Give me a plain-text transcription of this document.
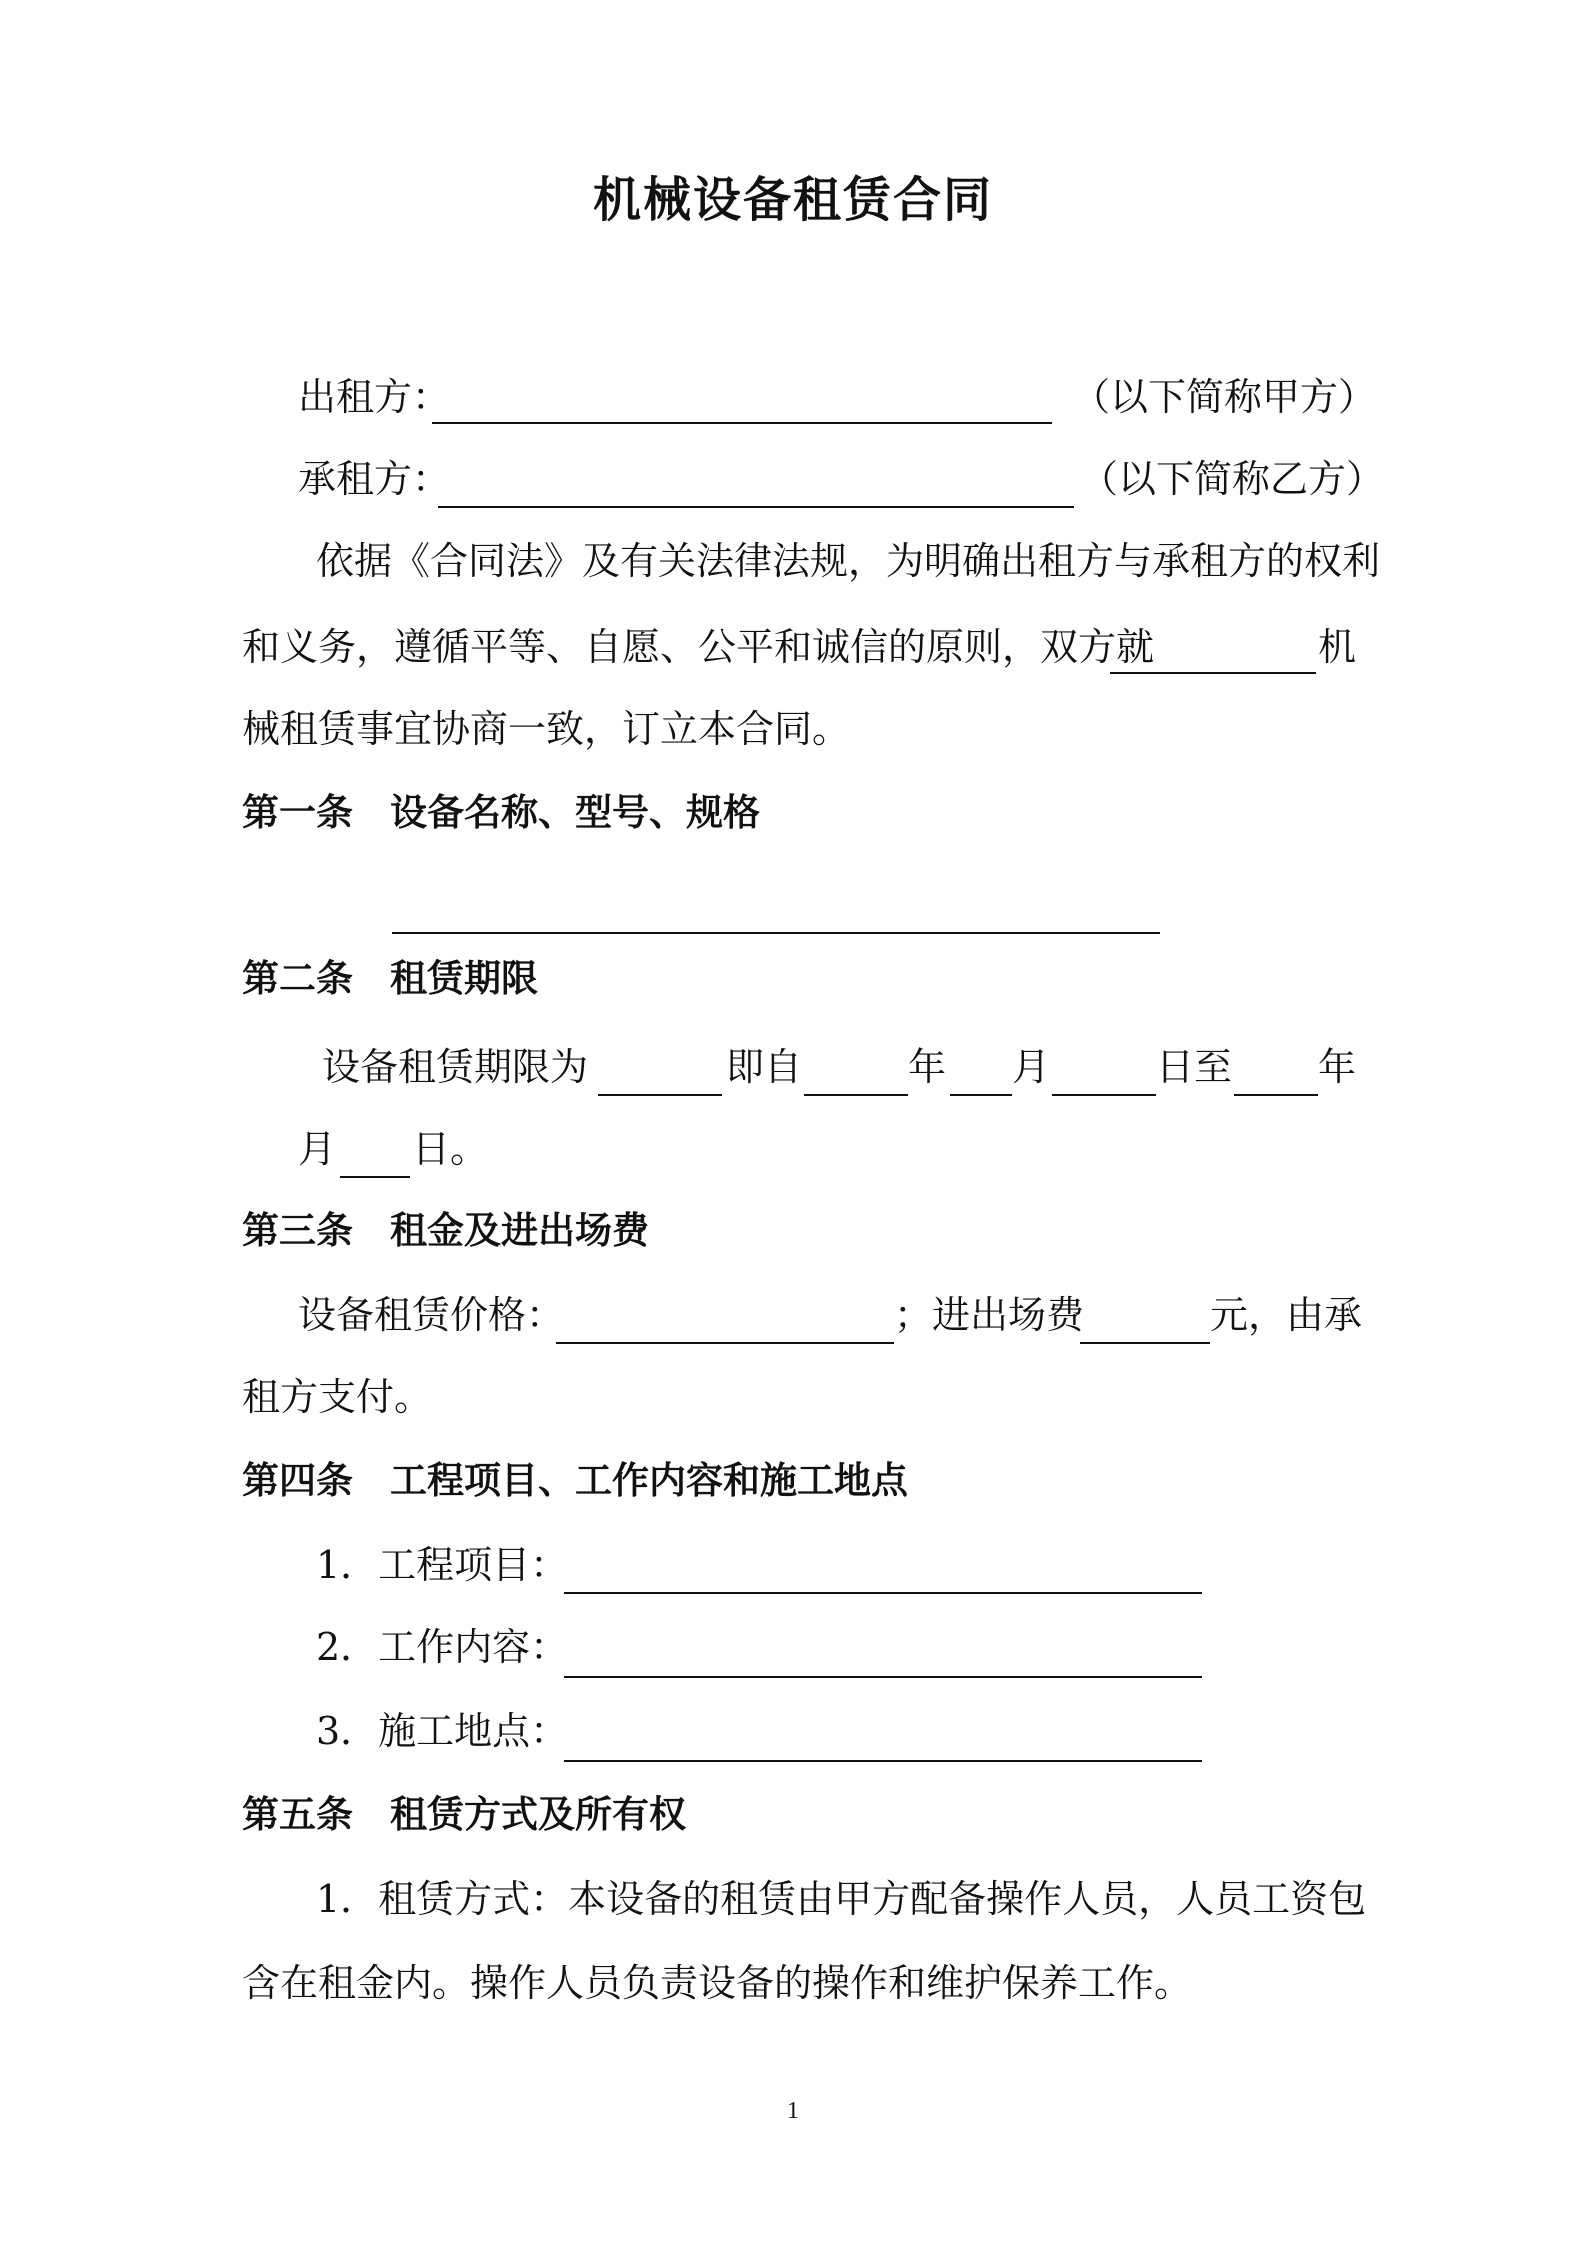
机械设备租赁合同
出租方：	（以下简称甲方）
承租方：	（以下简称乙方）
依据《合同法》及有关法律法规，为明确出租方与承租方的权利
和义务，遵循平等、自愿、公平和诚信的原则，双方就	机
械租赁事宜协商一致，订立本合同。
第一条　设备名称、型号、规格
第二条　租赁期限
设备租赁期限为	即自	年 月	日至 年
月 日。
第三条　租金及进出场费
设备租赁价格：	；进出场费	元，由承
租方支付。
第四条　工程项目、工作内容和施工地点
1．工程项目：
2．工作内容：
3．施工地点：
第五条　租赁方式及所有权
1．租赁方式：本设备的租赁由甲方配备操作人员，人员工资包
含在租金内。操作人员负责设备的操作和维护保养工作。
1
